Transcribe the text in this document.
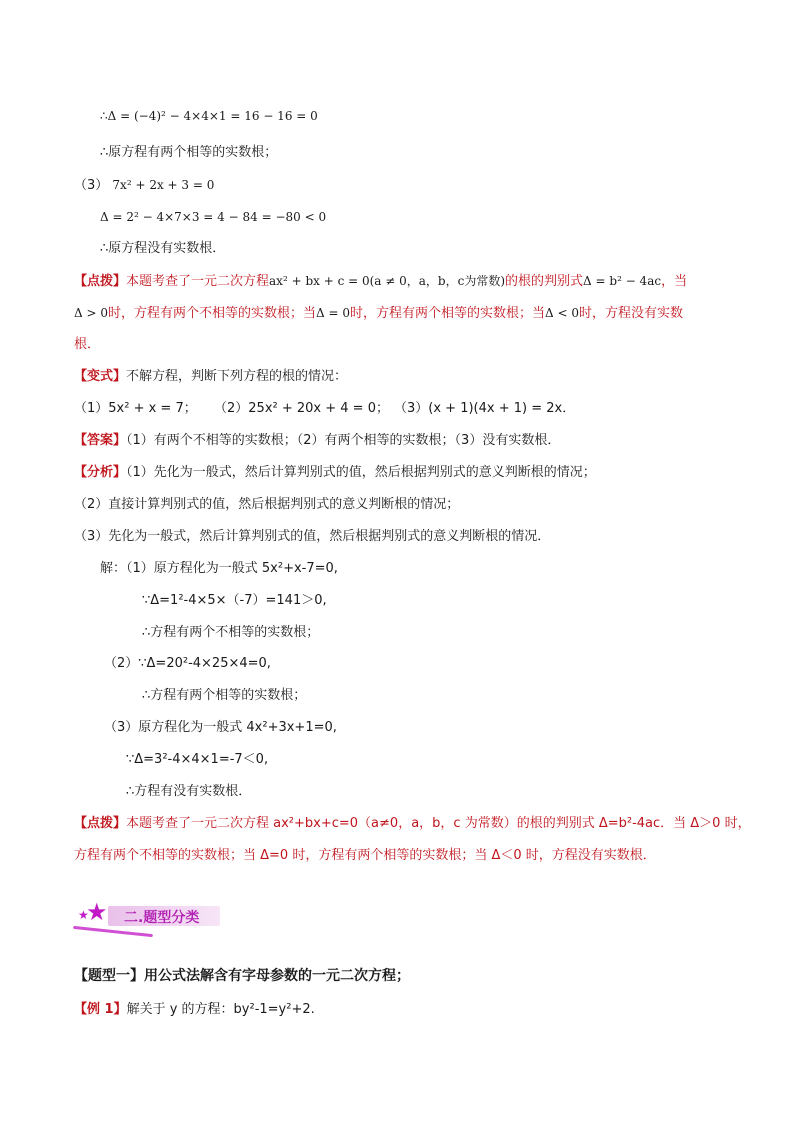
∴Δ = (−4)² − 4×4×1 = 16 − 16 = 0
∴原方程有两个相等的实数根；
（3） 7x² + 2x + 3 = 0
Δ = 2² − 4×7×3 = 4 − 84 = −80 < 0
∴原方程没有实数根．
【点拨】本题考查了一元二次方程ax² + bx + c = 0(a ≠ 0，a，b，c为常数)的根的判别式Δ = b² − 4ac，当
Δ > 0时，方程有两个不相等的实数根；当Δ = 0时，方程有两个相等的实数根；当Δ < 0时，方程没有实数
根．
【变式】不解方程，判断下列方程的根的情况：
（1）5x² + x = 7； （2）25x² + 20x + 4 = 0； （3）(x + 1)(4x + 1) = 2x．
【答案】（1）有两个不相等的实数根；（2）有两个相等的实数根；（3）没有实数根．
【分析】（1）先化为一般式，然后计算判别式的值，然后根据判别式的意义判断根的情况；
（2）直接计算判别式的值，然后根据判别式的意义判断根的情况；
（3）先化为一般式，然后计算判别式的值，然后根据判别式的意义判断根的情况．
解：（1）原方程化为一般式 5x²+x-7=0,
∵Δ=1²-4×5×（-7）=141＞0,
∴方程有两个不相等的实数根；
（2）∵Δ=20²-4×25×4=0,
∴方程有两个相等的实数根；
（3）原方程化为一般式 4x²+3x+1=0,
∵Δ=3²-4×4×1=-7＜0,
∴方程有没有实数根．
【点拨】本题考查了一元二次方程 ax²+bx+c=0（a≠0，a，b，c 为常数）的根的判别式 Δ=b²-4ac．当 Δ＞0 时，
方程有两个不相等的实数根；当 Δ=0 时，方程有两个相等的实数根；当 Δ＜0 时，方程没有实数根．
★
★	二.题型分类
【题型一】用公式法解含有字母参数的一元二次方程；
【例 1】解关于 y 的方程：by²-1=y²+2.
